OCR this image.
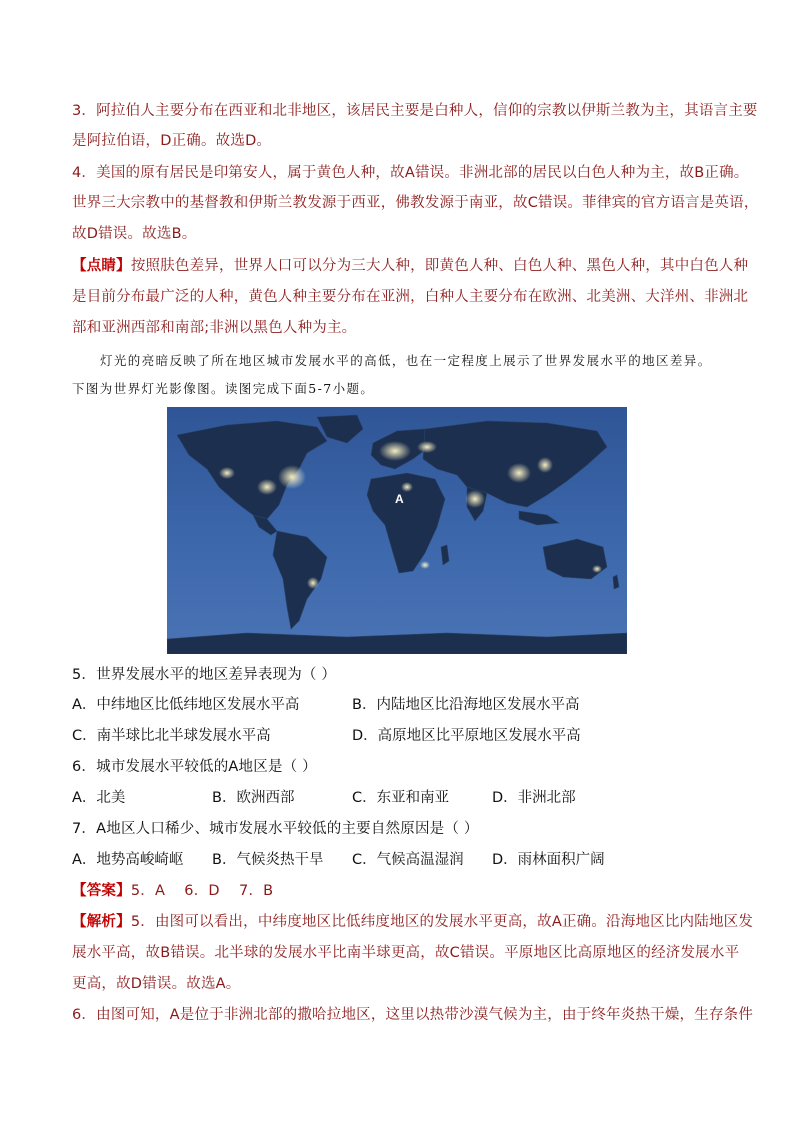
3．阿拉伯人主要分布在西亚和北非地区，该居民主要是白种人，信仰的宗教以伊斯兰教为主，其语言主要
是阿拉伯语，D正确。故选D。
4．美国的原有居民是印第安人，属于黄色人种，故A错误。非洲北部的居民以白色人种为主，故B正确。
世界三大宗教中的基督教和伊斯兰教发源于西亚，佛教发源于南亚，故C错误。菲律宾的官方语言是英语，
故D错误。故选B。
【点睛】按照肤色差异，世界人口可以分为三大人种，即黄色人种、白色人种、黑色人种，其中白色人种
是目前分布最广泛的人种，黄色人种主要分布在亚洲，白种人主要分布在欧洲、北美洲、大洋州、非洲北
部和亚洲西部和南部;非洲以黑色人种为主。
灯光的亮暗反映了所在地区城市发展水平的高低，也在一定程度上展示了世界发展水平的地区差异。
下图为世界灯光影像图。读图完成下面5-7小题。
A
5．世界发展水平的地区差异表现为（ ）
A．中纬地区比低纬地区发展水平高	B．内陆地区比沿海地区发展水平高
C．南半球比北半球发展水平高	D．高原地区比平原地区发展水平高
6．城市发展水平较低的A地区是（ ）
A．北美	B．欧洲西部	C．东亚和南亚	D．非洲北部
7．A地区人口稀少、城市发展水平较低的主要自然原因是（ ）
A．地势高峻崎岖 B．气候炎热干旱 C．气候高温湿润 D．雨林面积广阔
【答案】5．A    6．D    7．B
【解析】5．由图可以看出，中纬度地区比低纬度地区的发展水平更高，故A正确。沿海地区比内陆地区发
展水平高，故B错误。北半球的发展水平比南半球更高，故C错误。平原地区比高原地区的经济发展水平
更高，故D错误。故选A。
6．由图可知，A是位于非洲北部的撒哈拉地区，这里以热带沙漠气候为主，由于终年炎热干燥，生存条件
